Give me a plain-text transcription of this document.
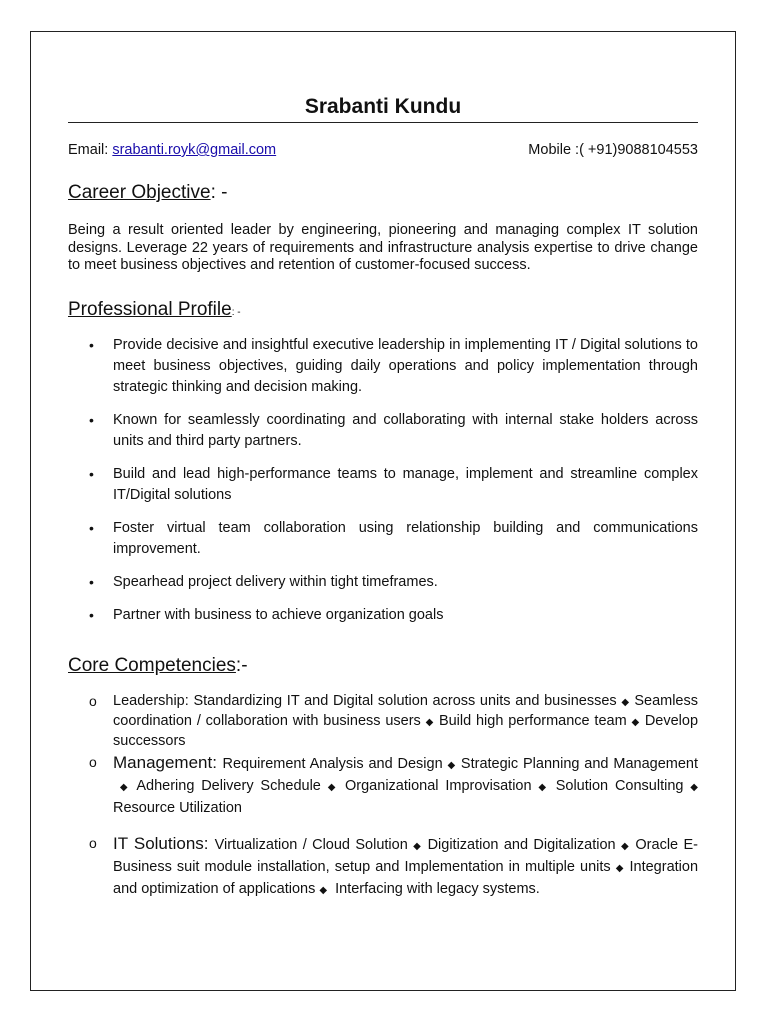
Srabanti Kundu
Email: srabanti.royk@gmail.com	Mobile :( +91)9088104553
Career Objective: -
Being a result oriented leader by engineering, pioneering and managing complex IT solution designs. Leverage 22 years of requirements and infrastructure analysis expertise to drive change to meet business objectives and retention of customer-focused success.
Professional Profile: -
• Provide decisive and insightful executive leadership in implementing IT / Digital solutions to meet business objectives, guiding daily operations and policy implementation through strategic thinking and decision making.
• Known for seamlessly coordinating and collaborating with internal stake holders across units and third party partners.
• Build and lead high-performance teams to manage, implement and streamline complex IT/Digital solutions
• Foster virtual team collaboration using relationship building and communications improvement.
• Spearhead project delivery within tight timeframes.
• Partner with business to achieve organization goals
Core Competencies:-
o Leadership: Standardizing IT and Digital solution across units and businesses ◆ Seamless coordination / collaboration with business users ◆ Build high performance team ◆ Develop successors
o Management: Requirement Analysis and Design ◆ Strategic Planning and Management  ◆ Adhering Delivery Schedule ◆ Organizational Improvisation ◆ Solution Consulting ◆ Resource Utilization
o IT Solutions: Virtualization / Cloud Solution ◆ Digitization and Digitalization ◆ Oracle E-Business suit module installation, setup and Implementation in multiple units ◆ Integration and optimization of applications ◆ Interfacing with legacy systems.
